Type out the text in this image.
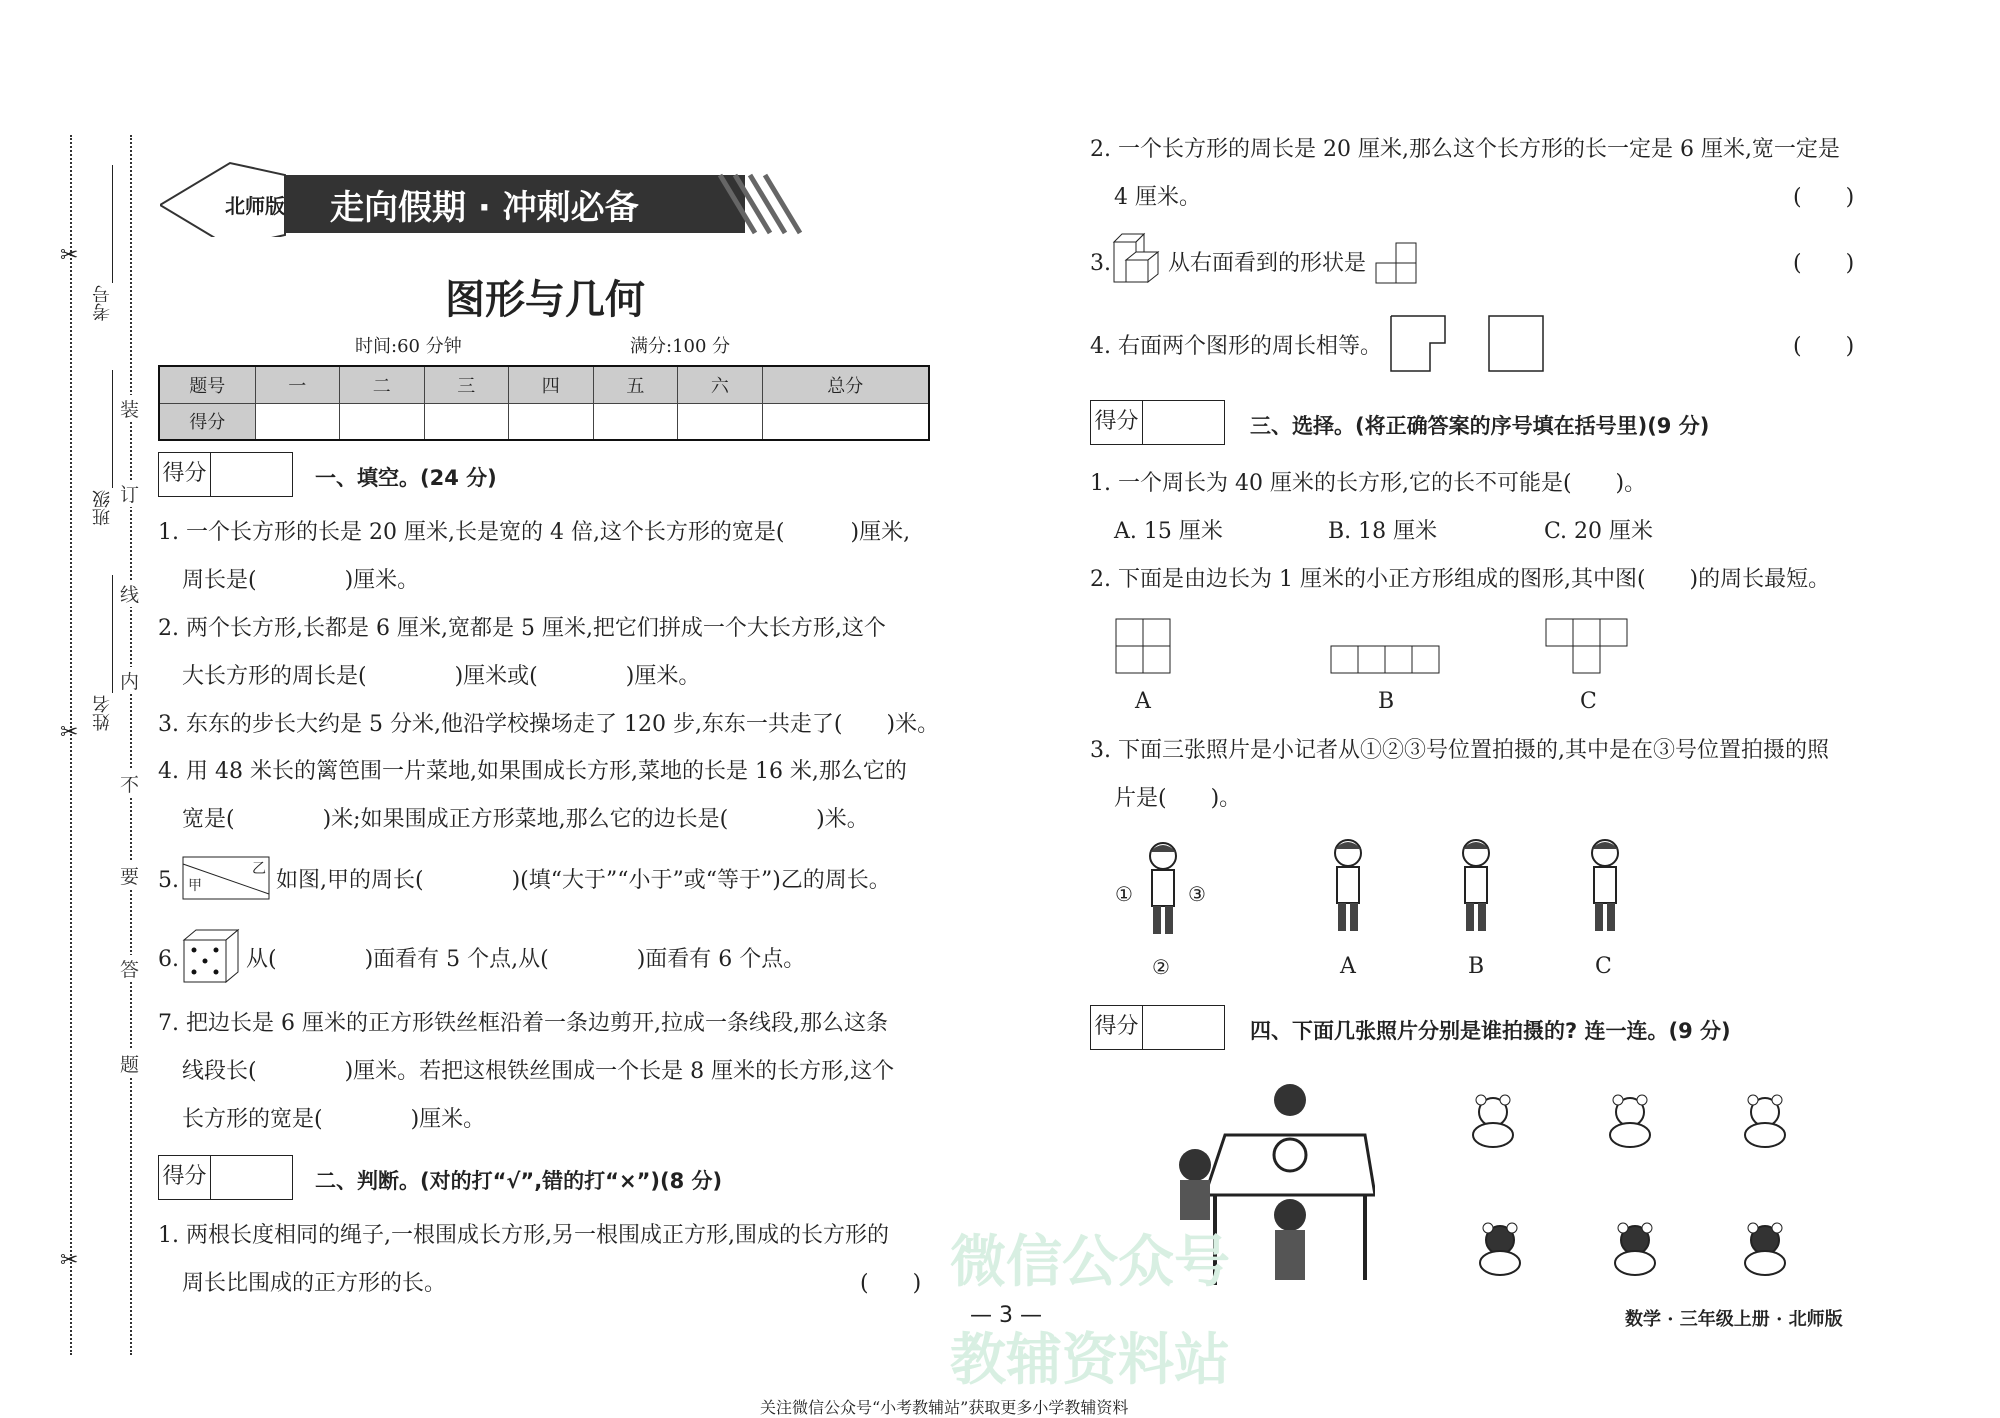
✂
✂
✂
考号
班级
姓名
装
订
线
内
不
要
答
题
北师版 走向假期 · 冲刺必备
图形与几何
时间:60 分钟	满分:100 分
题号	一	二	三	四	五	六	总分
得分							
得分	一、填空。(24 分)
1. 一个长方形的长是 20 厘米,长是宽的 4 倍,这个长方形的宽是(　　　)厘米,
周长是(　　　　)厘米。
2. 两个长方形,长都是 6 厘米,宽都是 5 厘米,把它们拼成一个大长方形,这个
大长方形的周长是(　　　　)厘米或(　　　　)厘米。
3. 东东的步长大约是 5 分米,他沿学校操场走了 120 步,东东一共走了(　　)米。
4. 用 48 米长的篱笆围一片菜地,如果围成长方形,菜地的长是 16 米,那么它的
宽是(　　　　)米;如果围成正方形菜地,那么它的边长是(　　　　)米。
5. 甲
乙 如图,甲的周长(　　　　)(填“大于”“小于”或“等于”)乙的周长。
6.	从(　　　　)面看有 5 个点,从(　　　　)面看有 6 个点。
7. 把边长是 6 厘米的正方形铁丝框沿着一条边剪开,拉成一条线段,那么这条
线段长(　　　　)厘米。若把这根铁丝围成一个长是 8 厘米的长方形,这个
长方形的宽是(　　　　)厘米。
得分	二、判断。(对的打“√”,错的打“×”)(8 分)
1. 两根长度相同的绳子,一根围成长方形,另一根围成正方形,围成的长方形的
周长比围成的正方形的长。	(　　)
2. 一个长方形的周长是 20 厘米,那么这个长方形的长一定是 6 厘米,宽一定是
4 厘米。	(　　)
3.	从右面看到的形状是	(　　)
4. 右面两个图形的周长相等。	(　　)
得分	三、选择。(将正确答案的序号填在括号里)(9 分)
1. 一个周长为 40 厘米的长方形,它的长不可能是(　　)。
A. 15 厘米	B. 18 厘米	C. 20 厘米
2. 下面是由边长为 1 厘米的小正方形组成的图形,其中图(　　)的周长最短。
A	B	C
3. 下面三张照片是小记者从①②③号位置拍摄的,其中是在③号位置拍摄的照
片是(　　)。
①
②
③
A	B	C
得分	四、下面几张照片分别是谁拍摄的? 连一连。(9 分)
微信公众号
教辅资料站
— 3 —	数学 · 三年级上册 · 北师版
关注微信公众号“小考教辅站”获取更多小学教辅资料
